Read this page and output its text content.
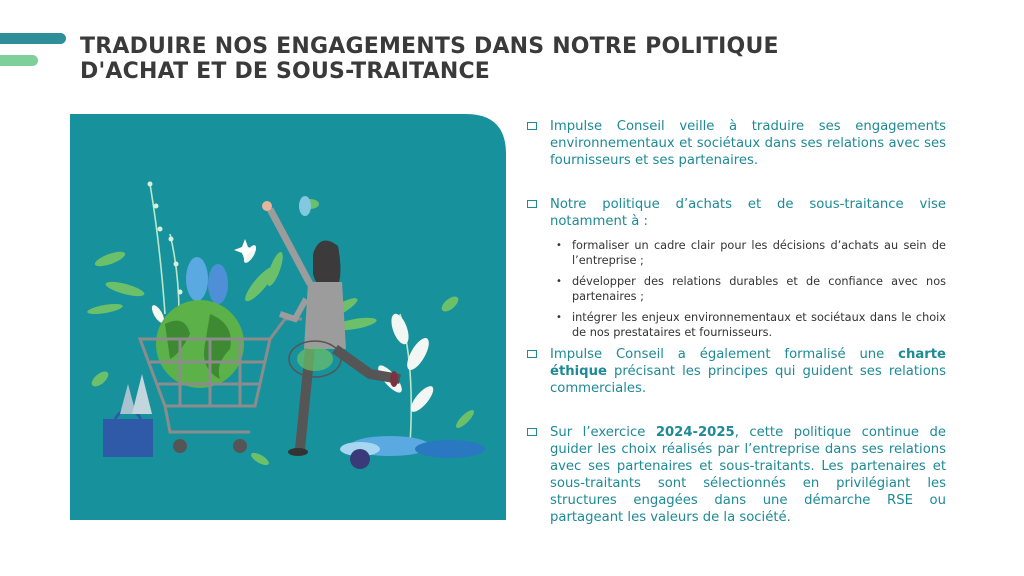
TRADUIRE NOS ENGAGEMENTS DANS NOTRE POLITIQUE
D'ACHAT ET DE SOUS-TRAITANCE
Impulse Conseil veille à traduire ses engagements environnementaux et sociétaux dans ses relations avec ses fournisseurs et ses partenaires.
Notre politique d’achats et de sous-traitance vise notamment à :
• formaliser un cadre clair pour les décisions d’achats au sein de l’entreprise ;
• développer des relations durables et de confiance avec nos partenaires ;
• intégrer les enjeux environnementaux et sociétaux dans le choix de nos prestataires et fournisseurs.
Impulse Conseil a également formalisé une charte éthique précisant les principes qui guident ses relations commerciales.
Sur l’exercice 2024-2025, cette politique continue de guider les choix réalisés par l’entreprise dans ses relations avec ses partenaires et sous-traitants. Les partenaires et sous-traitants sont sélectionnés en privilégiant les structures engagées dans une démarche RSE ou partageant les valeurs de la société.
